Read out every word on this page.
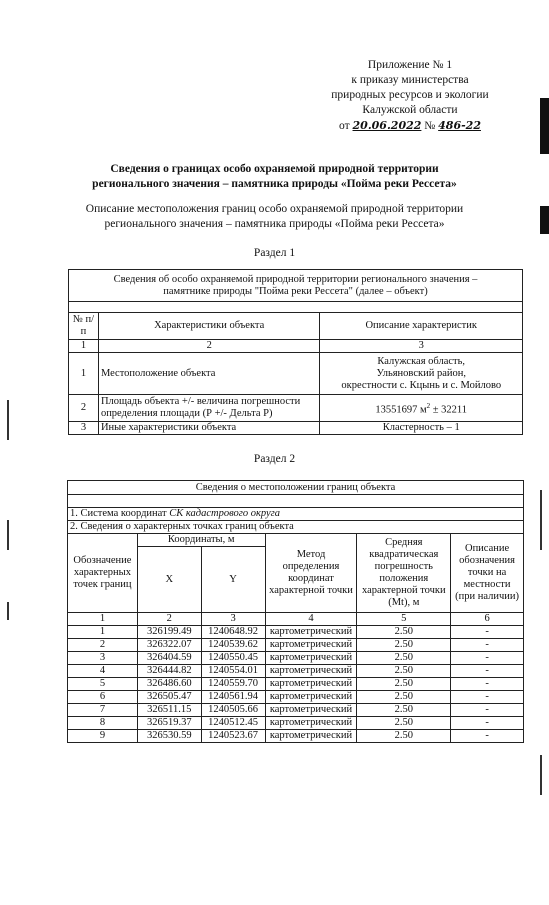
Приложение № 1
к приказу министерства
природных ресурсов и экологии
Калужской области
от 20.06.2022 № 486-22
Сведения о границах особо охраняемой природной территории
регионального значения – памятника природы «Пойма реки Рессета»
Описание местоположения границ особо охраняемой природной территории
регионального значения – памятника природы «Пойма реки Рессета»
Раздел 1
Сведения об особо охраняемой природной территории регионального значения –
памятнике природы "Пойма реки Рессета" (далее – объект)		

№ п/п	Характеристики объекта	Описание характеристик
1	2	3
1	Местоположение объекта	Калужская область,
Ульяновский район,
окрестности с. Кцынь и с. Мойлово

2	Площадь объекта +/- величина погрешности
определения площади (Р +/- Дельта Р)	13551697 $м^2 \pm 32211$
3	Иные характеристики объекта	Кластерность – 1
Раздел 2
Сведения о местоположении границ объекта					

1. Система координат СК кадастрового округа					
2. Сведения о характерных точках границ объекта					
Обозначение характерных точек границ	Координаты, м		Метод определения координат характерной точки	Средняя квадратическая погрешность положения характерной точки (Мt), м	Описание обозначения точки на местности (при наличии)
	X	Y			
1	2	3	4	5	6
1	326199.49	1240648.92	картометрический	2.50	-
2	326322.07	1240539.62	картометрический	2.50	-
3	326404.59	1240550.45	картометрический	2.50	-
4	326444.82	1240554.01	картометрический	2.50	-
5	326486.60	1240559.70	картометрический	2.50	-
6	326505.47	1240561.94	картометрический	2.50	-
7	326511.15	1240505.66	картометрический	2.50	-
8	326519.37	1240512.45	картометрический	2.50	-
9	326530.59	1240523.67	картометрический	2.50	-
